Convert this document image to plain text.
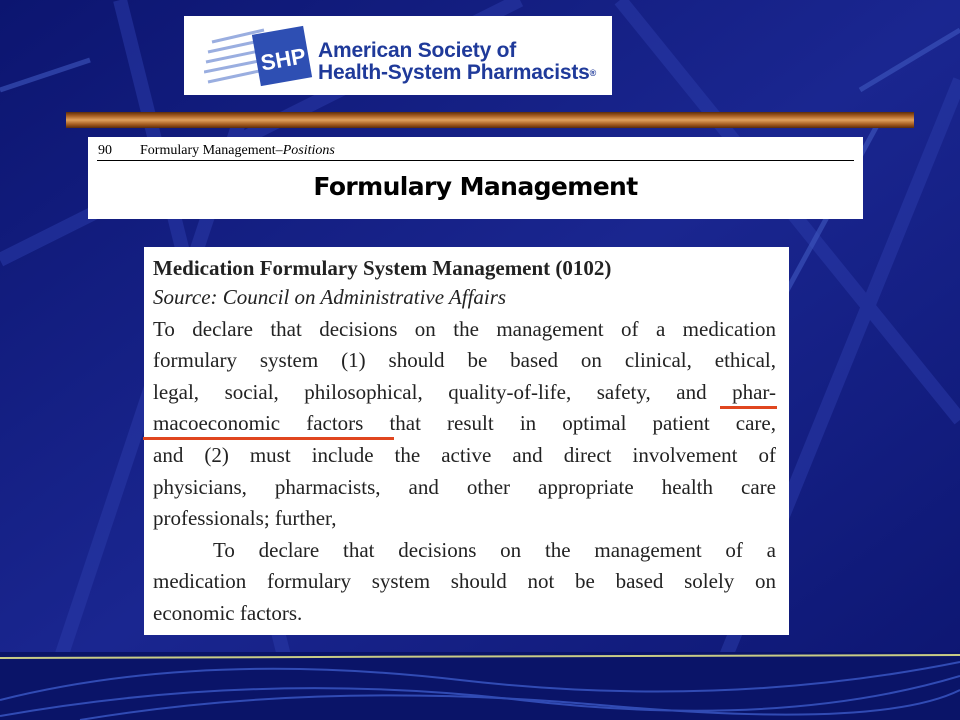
SHP American Society of
Health-System Pharmacists®
90 Formulary Management–Positions
Formulary Management
Medication Formulary System Management (0102)
Source: Council on Administrative Affairs
To declare that decisions on the management of a medication
formulary system (1) should be based on clinical, ethical,
legal, social, philosophical, quality-of-life, safety, and phar-
macoeconomic factors that result in optimal patient care,
and (2) must include the active and direct involvement of
physicians, pharmacists, and other appropriate health care
professionals; further,
To declare that decisions on the management of a
medication formulary system should not be based solely on
economic factors.
